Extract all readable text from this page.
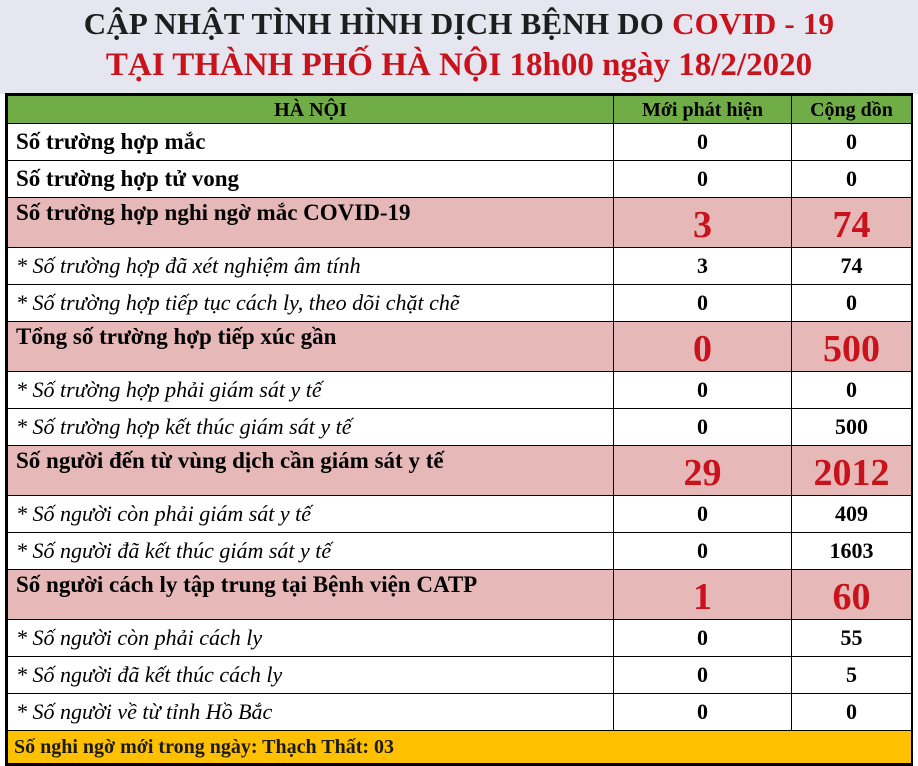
CẬP NHẬT TÌNH HÌNH DỊCH BỆNH DO COVID - 19
TẠI THÀNH PHỐ HÀ NỘI 18h00 ngày 18/2/2020
HÀ NỘI	Mới phát hiện	Cộng dồn
Số trường hợp mắc	0	0
Số trường hợp tử vong	0	0
Số trường hợp nghi ngờ mắc COVID-19	3	74
* Số trường hợp đã xét nghiệm âm tính	3	74
* Số trường hợp tiếp tục cách ly, theo dõi chặt chẽ	0	0
Tổng số trường hợp tiếp xúc gần	0	500
* Số trường hợp phải giám sát y tế	0	0
* Số trường hợp kết thúc giám sát y tế	0	500
Số người đến từ vùng dịch cần giám sát y tế	29	2012
* Số người còn phải giám sát y tế	0	409
* Số người đã kết thúc giám sát y tế	0	1603
Số người cách ly tập trung tại Bệnh viện CATP	1	60
* Số người còn phải cách ly	0	55
* Số người đã kết thúc cách ly	0	5
* Số người về từ tỉnh Hồ Bắc	0	0
Số nghi ngờ mới trong ngày: Thạch Thất: 03		
